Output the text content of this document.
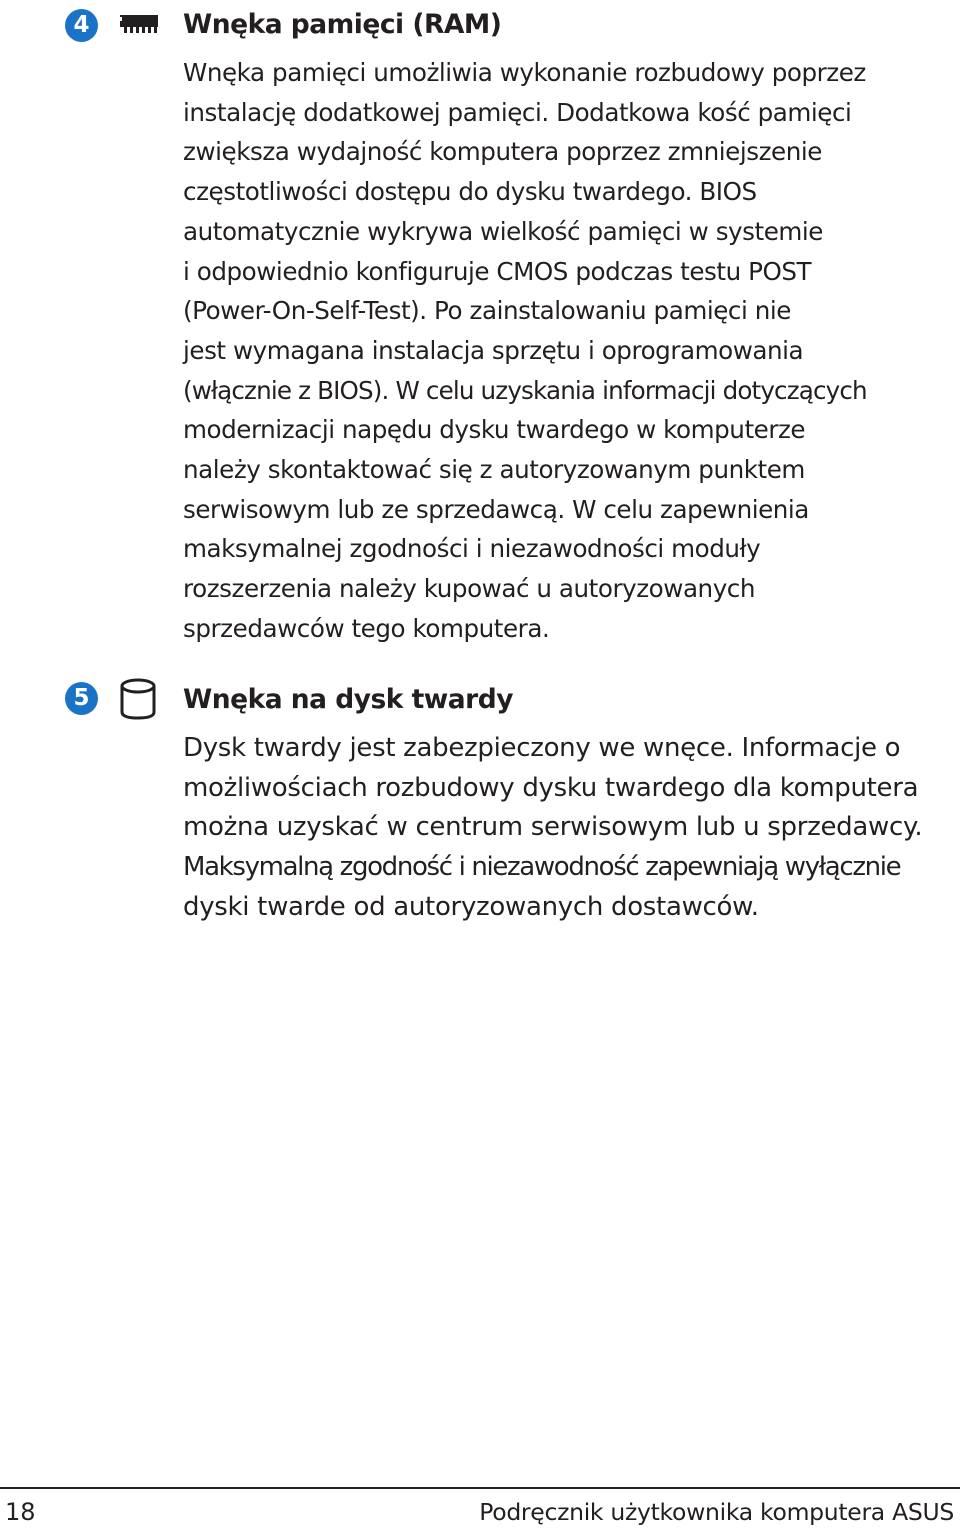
4	Wnęka pamięci (RAM)

Wnęka pamięci umożliwia wykonanie rozbudowy poprzez
instalację dodatkowej pamięci. Dodatkowa kość pamięci
zwiększa wydajność komputera poprzez zmniejszenie
częstotliwości dostępu do dysku twardego. BIOS
automatycznie wykrywa wielkość pamięci w systemie
i odpowiednio konfiguruje CMOS podczas testu POST
(Power-On-Self-Test). Po zainstalowaniu pamięci nie
jest wymagana instalacja sprzętu i oprogramowania
(włącznie z BIOS). W celu uzyskania informacji dotyczących
modernizacji napędu dysku twardego w komputerze
należy skontaktować się z autoryzowanym punktem
serwisowym lub ze sprzedawcą. W celu zapewnienia
maksymalnej zgodności i niezawodności moduły
rozszerzenia należy kupować u autoryzowanych
sprzedawców tego komputera.

5	Wnęka na dysk twardy

Dysk twardy jest zabezpieczony we wnęce. Informacje o
możliwościach rozbudowy dysku twardego dla komputera
można uzyskać w centrum serwisowym lub u sprzedawcy.
Maksymalną zgodność i niezawodność zapewniają wyłącznie
dyski twarde od autoryzowanych dostawców.

18	Podręcznik użytkownika komputera ASUS
